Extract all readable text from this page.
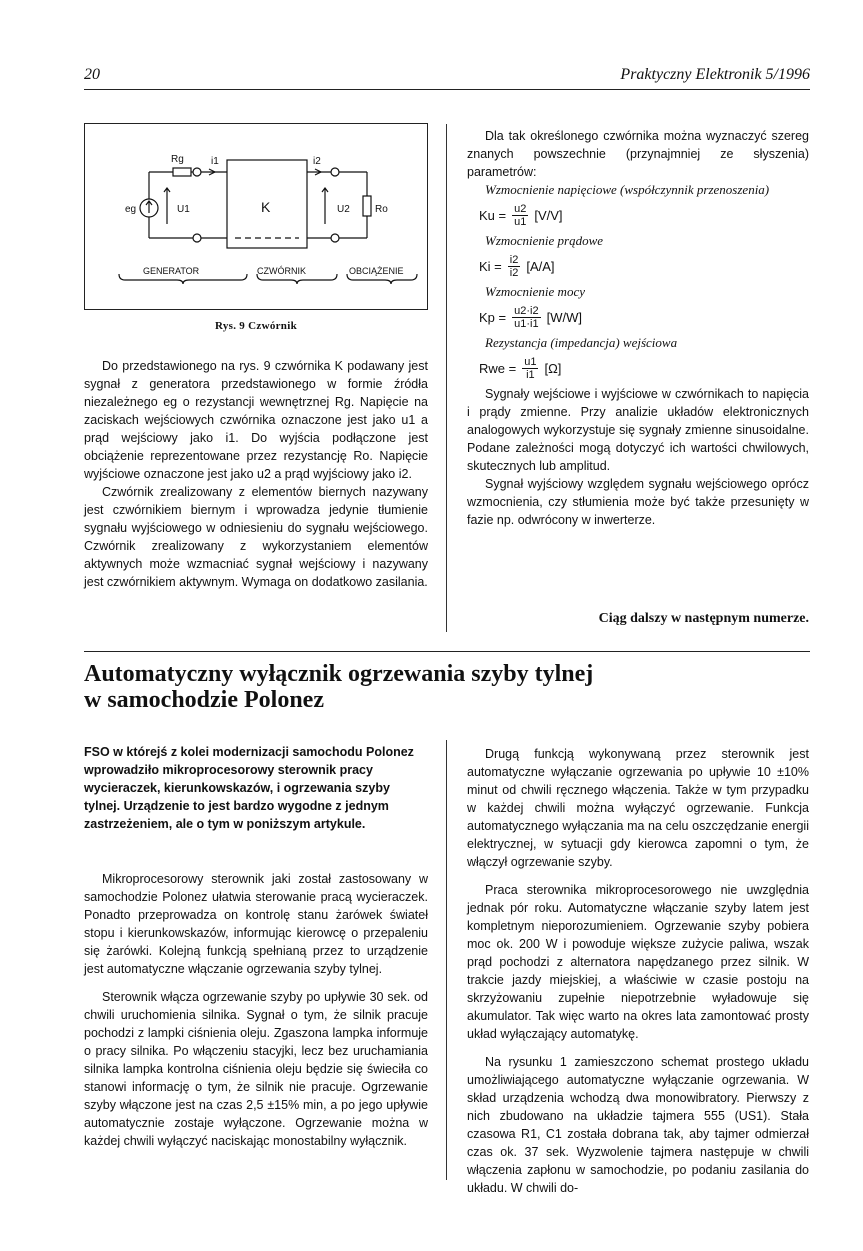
20	Praktyczny Elektronik 5/1996
Rg	i1	i2
eg	U1	K	U2	Ro
GENERATOR	CZWÓRNIK	OBCIĄŻENIE
Rys. 9 Czwórnik

Do przedstawionego na rys. 9 czwórnika K podawany jest sygnał z generatora przedstawionego w formie źródła niezależnego eg o rezystancji wewnętrznej Rg. Napięcie na zaciskach wejściowych czwórnika oznaczone jest jako u1 a prąd wejściowy jako i1. Do wyjścia podłączone jest obciążenie reprezentowane przez rezystancję Ro. Napięcie wyjściowe oznaczone jest jako u2 a prąd wyjściowy jako i2.

Czwórnik zrealizowany z elementów biernych nazywany jest czwórnikiem biernym i wprowadza jedynie tłumienie sygnału wyjściowego w odniesieniu do sygnału wejściowego. Czwórnik zrealizowany z wykorzystaniem elementów aktywnych może wzmacniać sygnał wejściowy i nazywany jest czwórnikiem aktywnym. Wymaga on dodatkowo zasilania.

Dla tak określonego czwórnika można wyznaczyć szereg znanych powszechnie (przynajmniej ze słyszenia) parametrów:

Wzmocnienie napięciowe (współczynnik przenoszenia)

$Ku = \frac{u2}{u1} [V/V]$

Wzmocnienie prądowe

$Ki = \frac{i2}{i2} [A/A]$

Wzmocnienie mocy

$Kp = \frac{u2\cdot i2}{u1\cdot i1} [W/W]$

Rezystancja (impedancja) wejściowa

Rwe = $\frac{u1}{i1} [\Omega]$

Sygnały wejściowe i wyjściowe w czwórnikach to napięcia i prądy zmienne. Przy analizie układów elektronicznych analogowych wykorzystuje się sygnały zmienne sinusoidalne. Podane zależności mogą dotyczyć ich wartości chwilowych, skutecznych lub amplitud.

Sygnał wyjściowy względem sygnału wejściowego oprócz wzmocnienia, czy stłumienia może być także przesunięty w fazie np. odwrócony w inwerterze.

Ciąg dalszy w następnym numerze.
Automatyczny wyłącznik ogrzewania szyby tylnej
w samochodzie Polonez
FSO w którejś z kolei modernizacji samochodu Polonez wprowadziło mikroprocesorowy sterownik pracy wycieraczek, kierunkowskazów, i ogrzewania szyby tylnej. Urządzenie to jest bardzo wygodne z jednym zastrzeżeniem, ale o tym w poniższym artykule.

Mikroprocesorowy sterownik jaki został zastosowany w samochodzie Polonez ułatwia sterowanie pracą wycieraczek. Ponadto przeprowadza on kontrolę stanu żarówek świateł stopu i kierunkowskazów, informując kierowcę o przepaleniu się żarówki. Kolejną funkcją spełnianą przez to urządzenie jest automatyczne włączanie ogrzewania szyby tylnej.

Sterownik włącza ogrzewanie szyby po upływie 30 sek. od chwili uruchomienia silnika. Sygnał o tym, że silnik pracuje pochodzi z lampki ciśnienia oleju. Zgaszona lampka informuje o pracy silnika. Po włączeniu stacyjki, lecz bez uruchamiania silnika lampka kontrolna ciśnienia oleju będzie się świeciła co stanowi informację o tym, że silnik nie pracuje. Ogrzewanie szyby włączone jest na czas 2,5 ±15% min, a po jego upływie automatycznie zostaje wyłączone. Ogrzewanie można w każdej chwili wyłączyć naciskając monostabilny wyłącznik.

Drugą funkcją wykonywaną przez sterownik jest automatyczne wyłączanie ogrzewania po upływie 10 ±10% minut od chwili ręcznego włączenia. Także w tym przypadku w każdej chwili można wyłączyć ogrzewanie. Funkcja automatycznego wyłączania ma na celu oszczędzanie energii elektrycznej, w sytuacji gdy kierowca zapomni o tym, że włączył ogrzewanie szyby.

Praca sterownika mikroprocesorowego nie uwzględnia jednak pór roku. Automatyczne włączanie szyby latem jest kompletnym nieporozumieniem. Ogrzewanie szyby pobiera moc ok. 200 W i powoduje większe zużycie paliwa, wszak prąd pochodzi z alternatora napędzanego przez silnik. W trakcie jazdy miejskiej, a właściwie w czasie postoju na skrzyżowaniu zupełnie niepotrzebnie wyładowuje się akumulator. Tak więc warto na okres lata zamontować prosty układ wyłączający automatykę.

Na rysunku 1 zamieszczono schemat prostego układu umożliwiającego automatyczne wyłączanie ogrzewania. W skład urządzenia wchodzą dwa monowibratory. Pierwszy z nich zbudowano na układzie tajmera 555 (US1). Stała czasowa R1, C1 została dobrana tak, aby tajmer odmierzał czas ok. 37 sek. Wyzwolenie tajmera następuje w chwili włączenia zapłonu w samochodzie, po podaniu zasilania do układu. W chwili do-
